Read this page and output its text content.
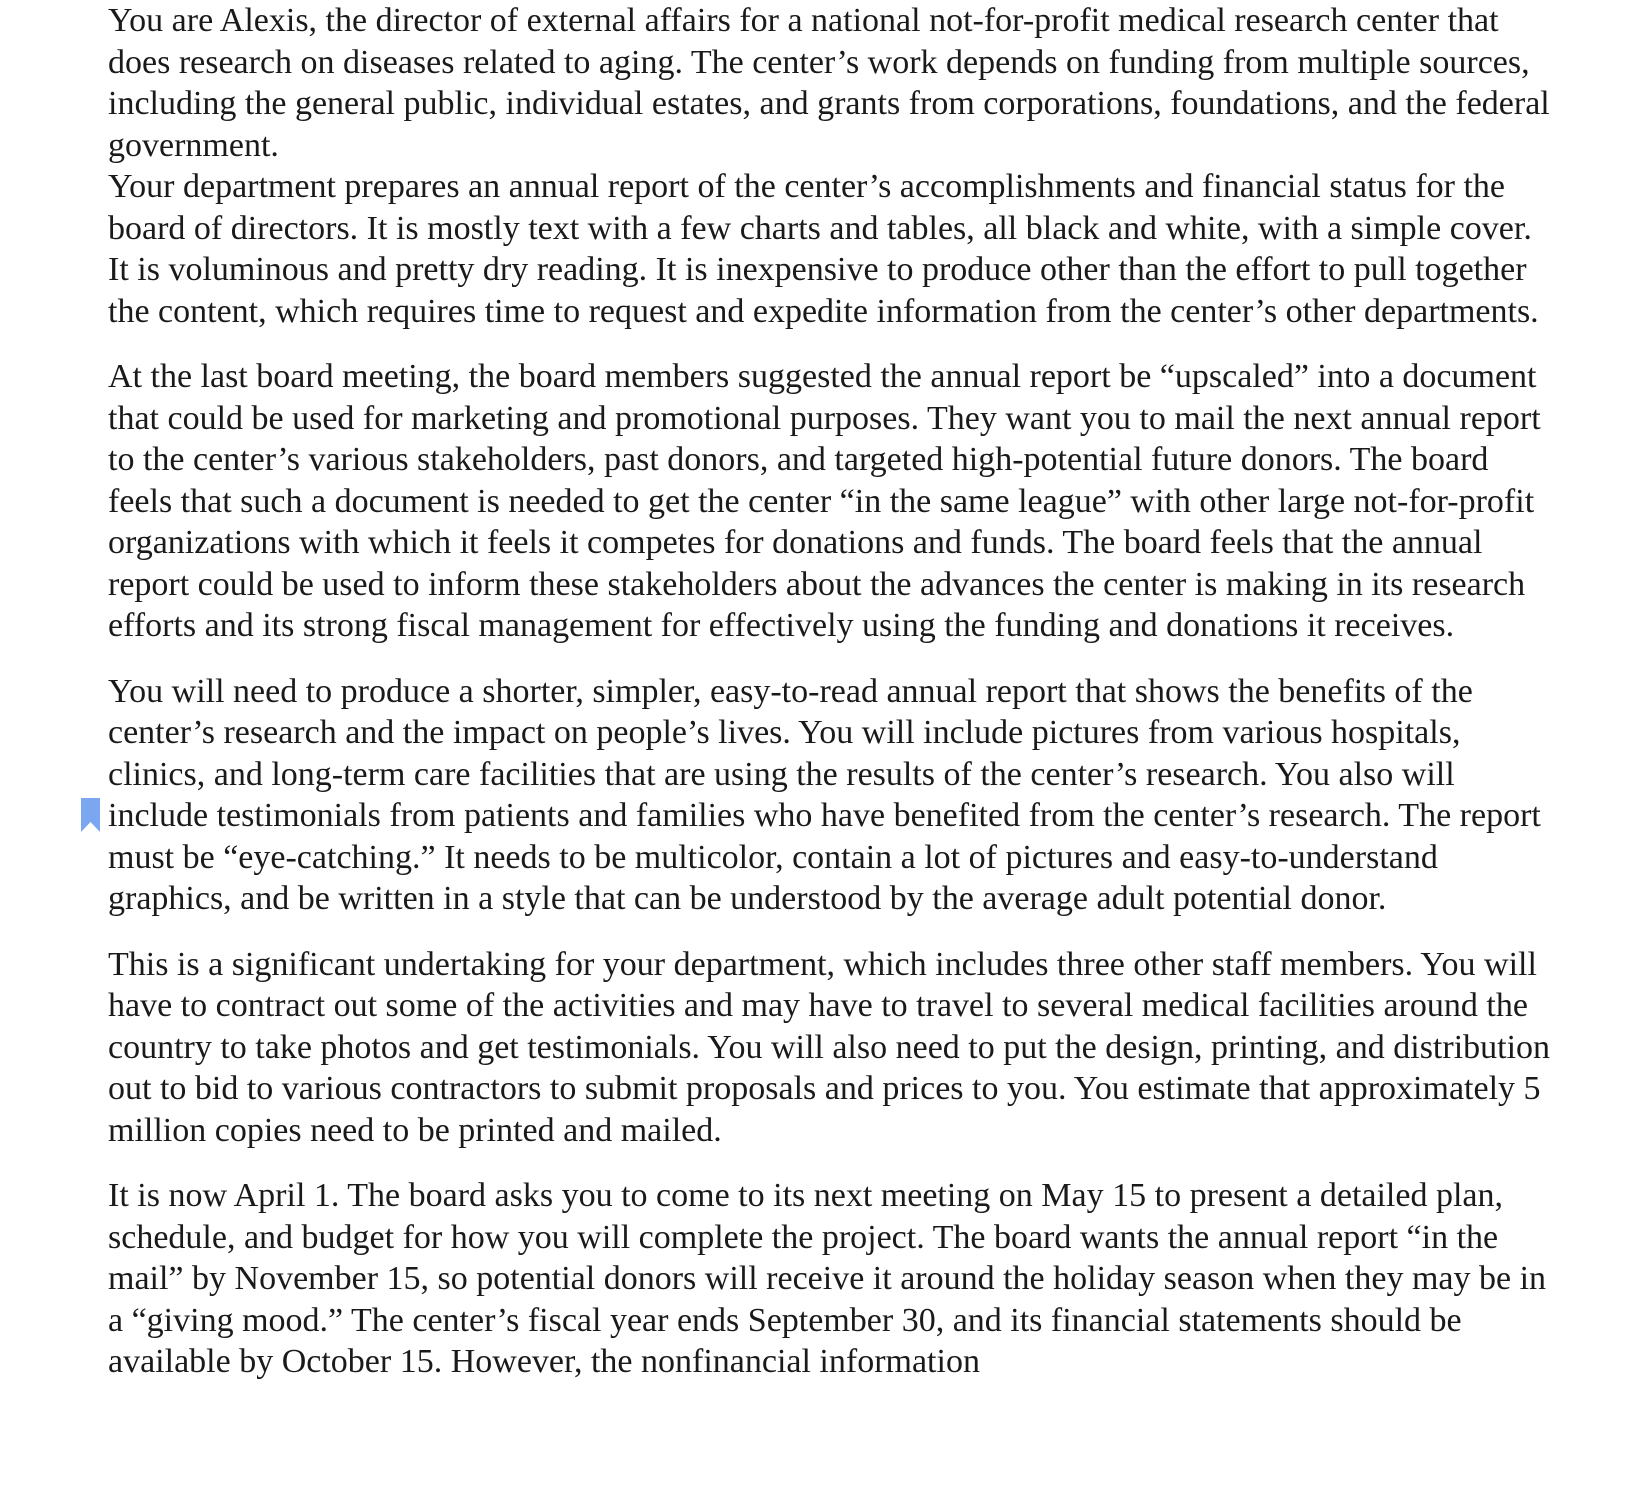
You are Alexis, the director of external affairs for a national not-for-profit medical research center that does research on diseases related to aging. The center’s work depends on funding from multiple sources, including the general public, individual estates, and grants from corporations, foundations, and the federal government.

Your department prepares an annual report of the center’s accomplishments and financial status for the board of directors. It is mostly text with a few charts and tables, all black and white, with a simple cover. It is voluminous and pretty dry reading. It is inexpensive to produce other than the effort to pull together the content, which requires time to request and expedite information from the center’s other departments.

At the last board meeting, the board members suggested the annual report be “upscaled” into a document that could be used for marketing and promotional purposes. They want you to mail the next annual report to the center’s various stakeholders, past donors, and targeted high-potential future donors. The board feels that such a document is needed to get the center “in the same league” with other large not-for-profit organizations with which it feels it competes for donations and funds. The board feels that the annual report could be used to inform these stakeholders about the advances the center is making in its research efforts and its strong fiscal management for effectively using the funding and donations it receives.

You will need to produce a shorter, simpler, easy-to-read annual report that shows the benefits of the center’s research and the impact on people’s lives. You will include pictures from various hospitals, clinics, and long-term care facilities that are using the results of the center’s research. You also will include testimonials from patients and families who have benefited from the center’s research. The report must be “eye-catching.” It needs to be multicolor, contain a lot of pictures and easy-to-understand graphics, and be written in a style that can be understood by the average adult potential donor.

This is a significant undertaking for your department, which includes three other staff members. You will have to contract out some of the activities and may have to travel to several medical facilities around the country to take photos and get testimonials. You will also need to put the design, printing, and distribution out to bid to various contractors to submit proposals and prices to you. You estimate that approximately 5 million copies need to be printed and mailed.

It is now April 1. The board asks you to come to its next meeting on May 15 to present a detailed plan, schedule, and budget for how you will complete the project. The board wants the annual report “in the mail” by November 15, so potential donors will receive it around the holiday season when they may be in a “giving mood.” The center’s fiscal year ends September 30, and its financial statements should be available by October 15. However, the nonfinancial information
